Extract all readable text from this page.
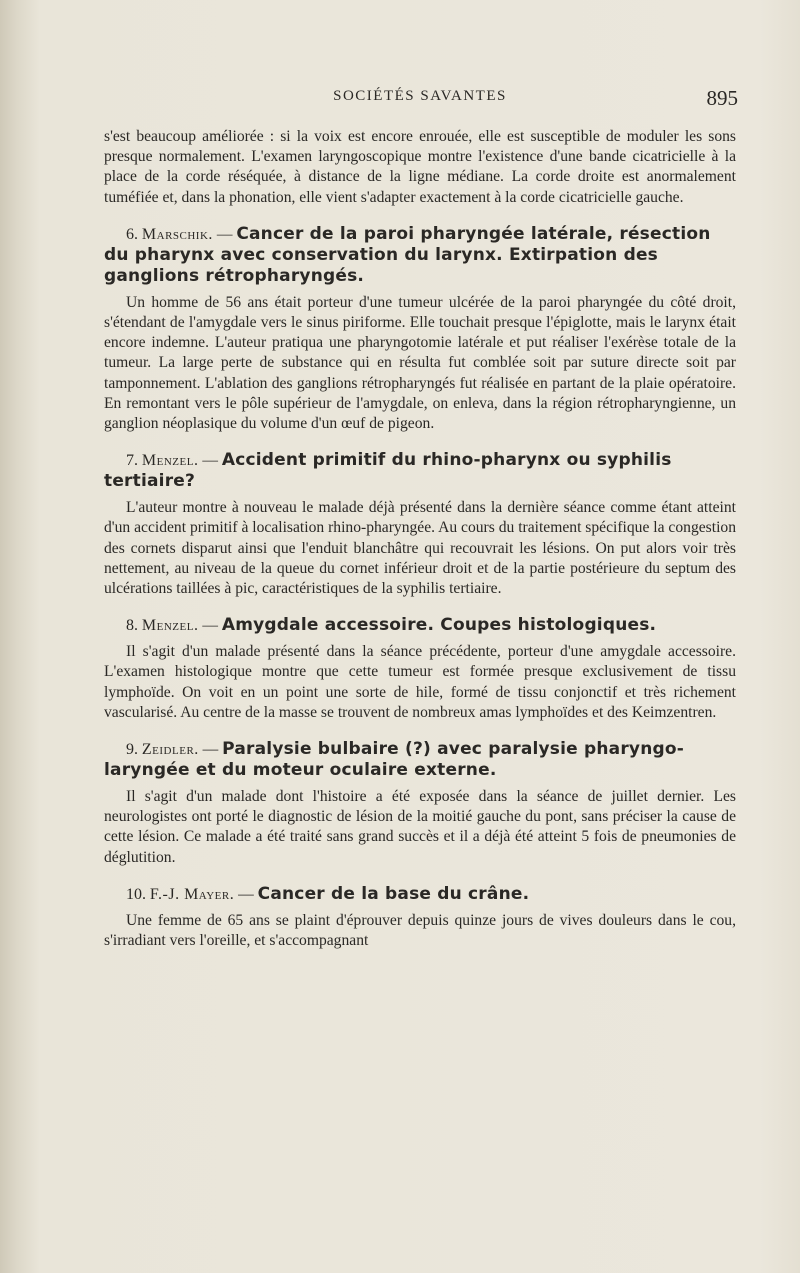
SOCIÉTÉS SAVANTES	895

s'est beaucoup améliorée : si la voix est encore enrouée, elle est susceptible de moduler les sons presque normalement. L'examen laryngoscopique montre l'existence d'une bande cicatricielle à la place de la corde réséquée, à distance de la ligne médiane. La corde droite est anormalement tuméfiée et, dans la phonation, elle vient s'adapter exactement à la corde cicatricielle gauche.

6. Marschik. — Cancer de la paroi pharyngée latérale, résection du pharynx avec conservation du larynx. Extirpation des ganglions rétropharyngés.

Un homme de 56 ans était porteur d'une tumeur ulcérée de la paroi pharyngée du côté droit, s'étendant de l'amygdale vers le sinus piriforme. Elle touchait presque l'épiglotte, mais le larynx était encore indemne. L'auteur pratiqua une pharyngotomie latérale et put réaliser l'exérèse totale de la tumeur. La large perte de substance qui en résulta fut comblée soit par suture directe soit par tamponnement. L'ablation des ganglions rétropharyngés fut réalisée en partant de la plaie opératoire. En remontant vers le pôle supérieur de l'amygdale, on enleva, dans la région rétropharyngienne, un ganglion néoplasique du volume d'un œuf de pigeon.

7. Menzel. — Accident primitif du rhino-pharynx ou syphilis tertiaire?

L'auteur montre à nouveau le malade déjà présenté dans la dernière séance comme étant atteint d'un accident primitif à localisation rhino-pharyngée. Au cours du traitement spécifique la congestion des cornets disparut ainsi que l'enduit blanchâtre qui recouvrait les lésions. On put alors voir très nettement, au niveau de la queue du cornet inférieur droit et de la partie postérieure du septum des ulcérations taillées à pic, caractéristiques de la syphilis tertiaire.

8. Menzel. — Amygdale accessoire. Coupes histologiques.

Il s'agit d'un malade présenté dans la séance précédente, porteur d'une amygdale accessoire. L'examen histologique montre que cette tumeur est formée presque exclusivement de tissu lymphoïde. On voit en un point une sorte de hile, formé de tissu conjonctif et très richement vascularisé. Au centre de la masse se trouvent de nombreux amas lymphoïdes et des Keimzentren.

9. Zeidler. — Paralysie bulbaire (?) avec paralysie pharyngo-laryngée et du moteur oculaire externe.

Il s'agit d'un malade dont l'histoire a été exposée dans la séance de juillet dernier. Les neurologistes ont porté le diagnostic de lésion de la moitié gauche du pont, sans préciser la cause de cette lésion. Ce malade a été traité sans grand succès et il a déjà été atteint 5 fois de pneumonies de déglutition.

10. F.-J. Mayer. — Cancer de la base du crâne.

Une femme de 65 ans se plaint d'éprouver depuis quinze jours de vives douleurs dans le cou, s'irradiant vers l'oreille, et s'accompagnant
